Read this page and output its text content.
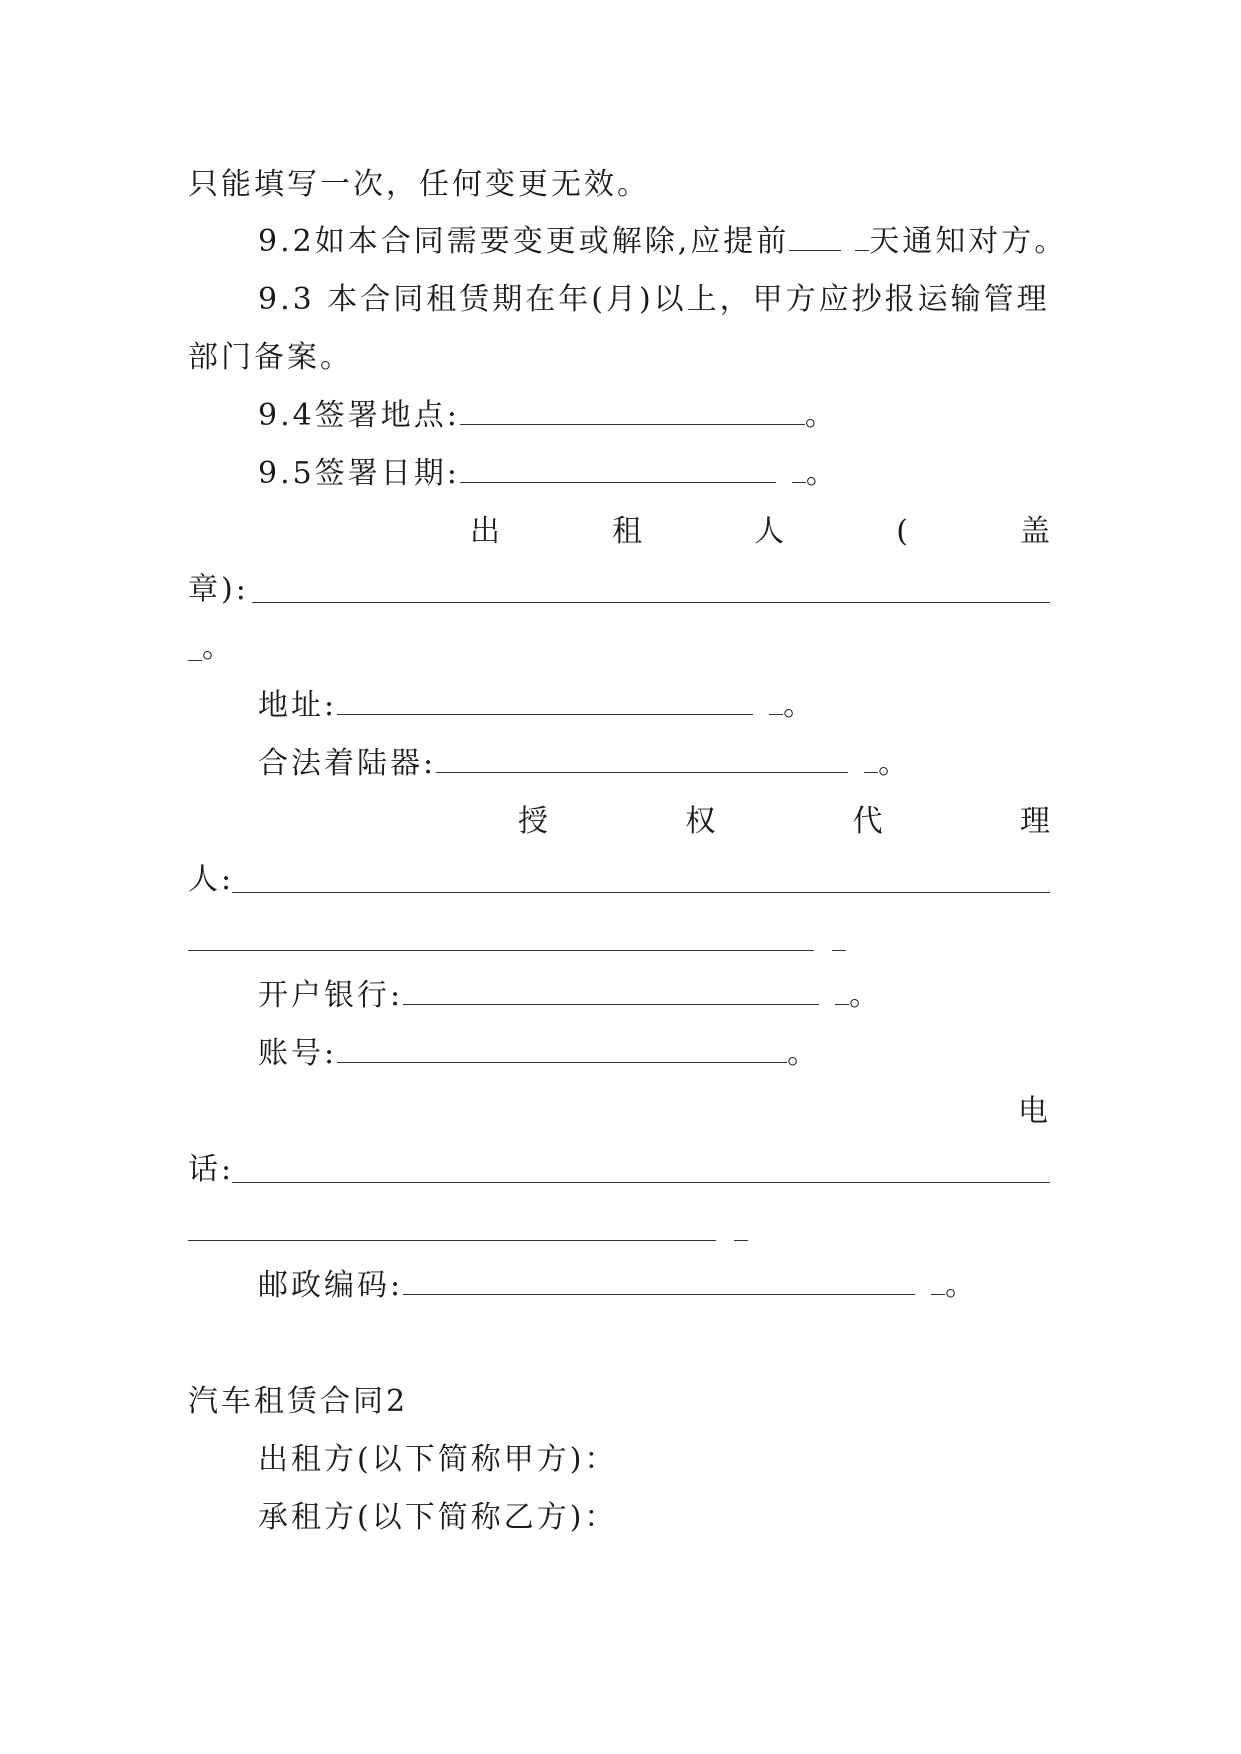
只能填写一次，任何变更无效。
9.2如本合同需要变更或解除,应提前	天通知对方。
9.3 本合同租赁期在年(月)以上，甲方应抄报运输管理
部门备案。
9.4签署地点:	。
9.5签署日期:	。
出	租	人	(	盖
章):
。
地址:	。
合法着陆器:	。
授	权	代	理
人:
开户银行:	。
账号:	。
电
话:
邮政编码:	。
汽车租赁合同2
出租方(以下简称甲方)：
承租方(以下简称乙方)：
